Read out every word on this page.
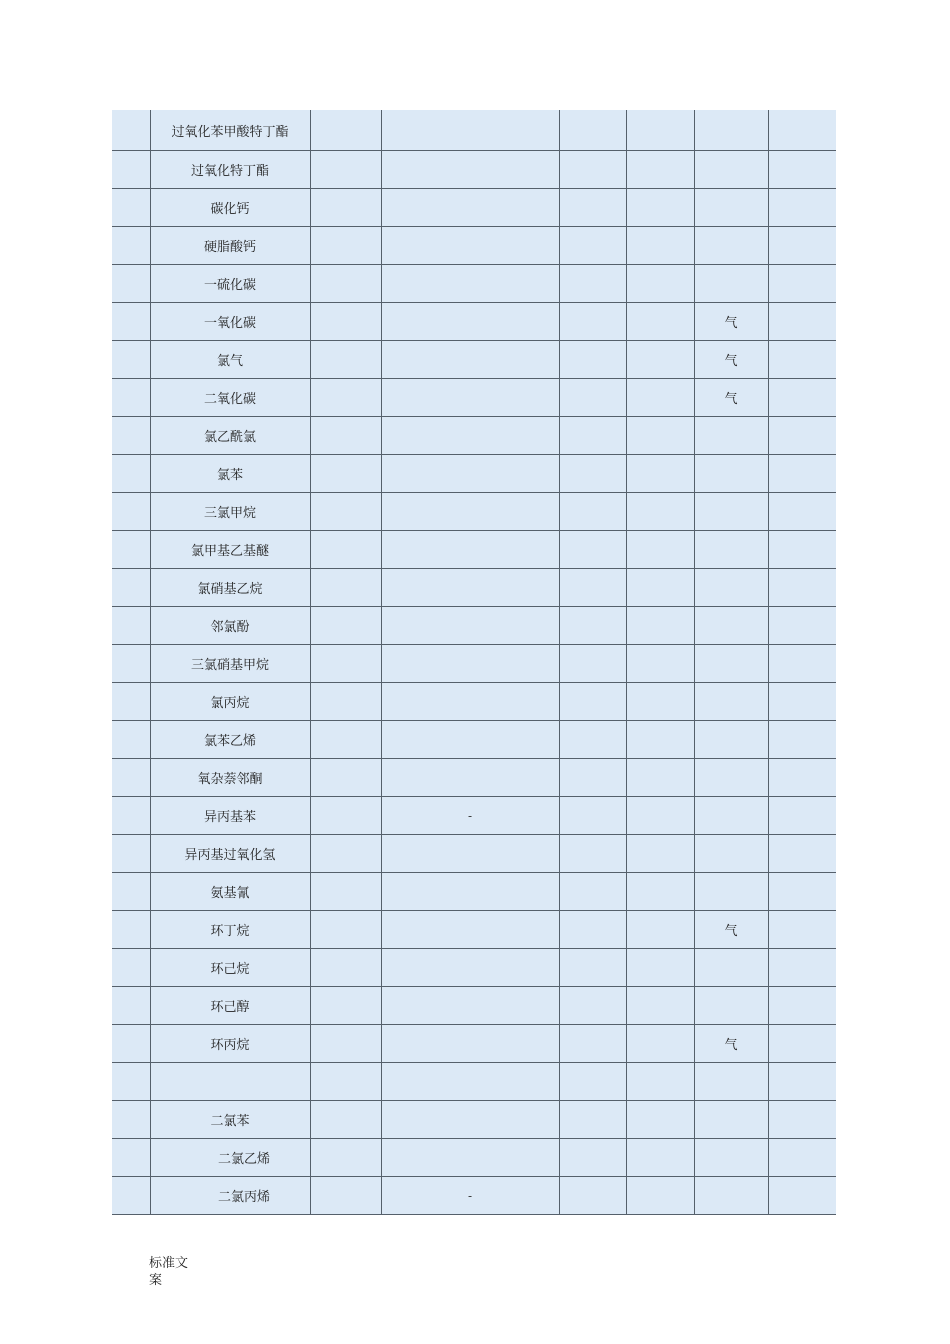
	过氧化苯甲酸特丁酯						
	过氧化特丁酯						
	碳化钙						
	硬脂酸钙						
	一硫化碳						
	一氧化碳					气	
	氯气					气	
	二氧化碳					气	
	氯乙酰氯						
	氯苯						
	三氯甲烷						
	氯甲基乙基醚						
	氯硝基乙烷						
	邻氯酚						
	三氯硝基甲烷						
	氯丙烷						
	氯苯乙烯						
	氧杂萘邻酮						
	异丙基苯		-				
	异丙基过氧化氢						
	氨基氰						
	环丁烷					气	
	环己烷						
	环己醇						
	环丙烷					气	

	二氯苯						
	二氯乙烯						
	二氯丙烯		-				
标准文
案
